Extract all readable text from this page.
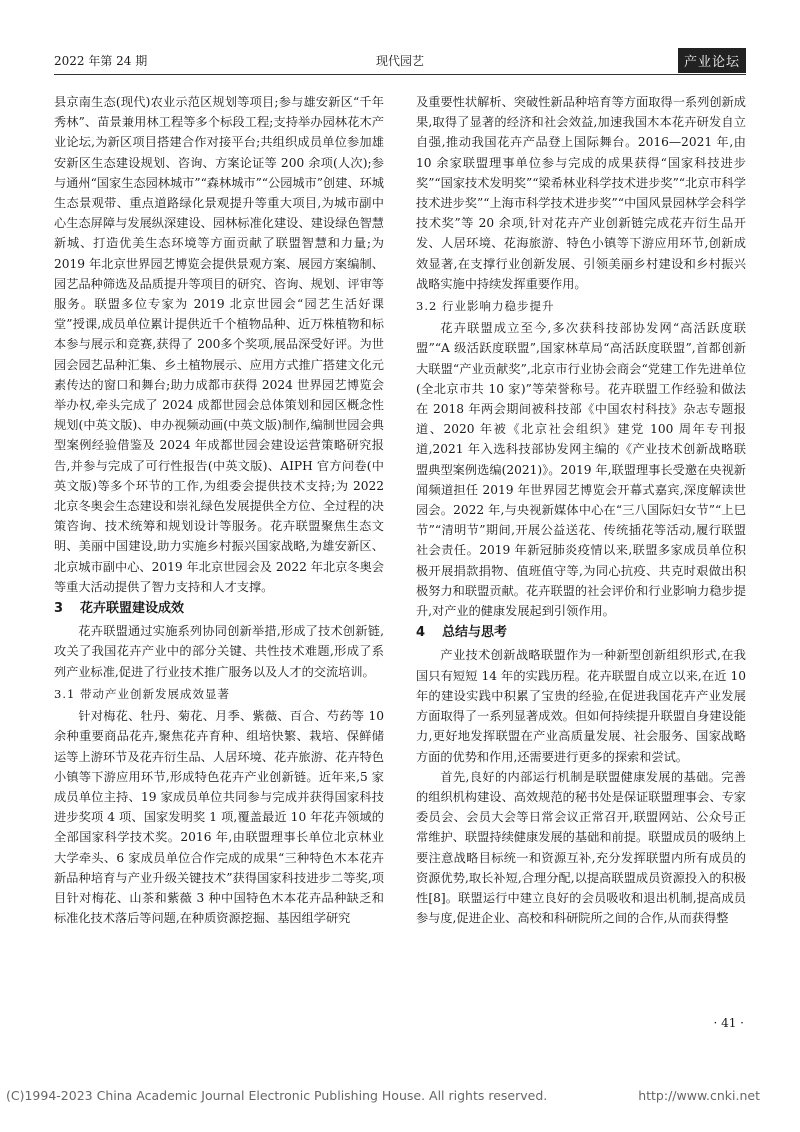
2022 年第 24 期	现代园艺	产业论坛

县京南生态(现代)农业示范区规划等项目;参与雄安新区“千年秀林”、苗景兼用林工程等多个标段工程;支持举办园林花木产业论坛,为新区项目搭建合作对接平台;共组织成员单位参加雄安新区生态建设规划、咨询、方案论证等 200 余项(人次);参与通州“国家生态园林城市”“森林城市”“公园城市”创建、环城生态景观带、重点道路绿化景观提升等重大项目,为城市副中心生态屏障与发展纵深建设、园林标准化建设、建设绿色智慧新城、打造优美生态环境等方面贡献了联盟智慧和力量;为 2019 年北京世界园艺博览会提供景观方案、展园方案编制、园艺品种筛选及品质提升等项目的研究、咨询、规划、评审等服务。联盟多位专家为 2019 北京世园会“园艺生活好课堂”授课,成员单位累计提供近千个植物品种、近万株植物和标本参与展示和竞赛,获得了 200多个奖项,展品深受好评。为世园会园艺品种汇集、乡土植物展示、应用方式推广搭建文化元素传达的窗口和舞台;助力成都市获得 2024 世界园艺博览会举办权,牵头完成了 2024 成都世园会总体策划和园区概念性规划(中英文版)、申办视频动画(中英文版)制作,编制世园会典型案例经验借鉴及 2024 年成都世园会建设运营策略研究报告,并参与完成了可行性报告(中英文版)、AIPH 官方问卷(中英文版)等多个环节的工作,为组委会提供技术支持;为 2022 北京冬奥会生态建设和崇礼绿色发展提供全方位、全过程的决策咨询、技术统筹和规划设计等服务。花卉联盟聚焦生态文明、美丽中国建设,助力实施乡村振兴国家战略,为雄安新区、北京城市副中心、2019 年北京世园会及 2022 年北京冬奥会等重大活动提供了智力支持和人才支撑。

3 花卉联盟建设成效

花卉联盟通过实施系列协同创新举措,形成了技术创新链,攻关了我国花卉产业中的部分关键、共性技术难题,形成了系列产业标准,促进了行业技术推广服务以及人才的交流培训。

3.1 带动产业创新发展成效显著

针对梅花、牡丹、菊花、月季、紫薇、百合、芍药等 10 余种重要商品花卉,聚焦花卉育种、组培快繁、栽培、保鲜储运等上游环节及花卉衍生品、人居环境、花卉旅游、花卉特色小镇等下游应用环节,形成特色花卉产业创新链。近年来,5 家成员单位主持、19 家成员单位共同参与完成并获得国家科技进步奖项 4 项、国家发明奖 1 项,覆盖最近 10 年花卉领域的全部国家科学技术奖。2016 年,由联盟理事长单位北京林业大学牵头、6 家成员单位合作完成的成果“三种特色木本花卉新品种培育与产业升级关键技术”获得国家科技进步二等奖,项目针对梅花、山茶和紫薇 3 种中国特色木本花卉品种缺乏和标准化技术落后等问题,在种质资源挖掘、基因组学研究

及重要性状解析、突破性新品种培育等方面取得一系列创新成果,取得了显著的经济和社会效益,加速我国木本花卉研发自立自强,推动我国花卉产品登上国际舞台。2016—2021 年,由 10 余家联盟理事单位参与完成的成果获得“国家科技进步奖”“国家技术发明奖”“梁希林业科学技术进步奖”“北京市科学技术进步奖”“上海市科学技术进步奖”“中国风景园林学会科学技术奖”等 20 余项,针对花卉产业创新链完成花卉衍生品开发、人居环境、花海旅游、特色小镇等下游应用环节,创新成效显著,在支撑行业创新发展、引领美丽乡村建设和乡村振兴战略实施中持续发挥重要作用。

3.2 行业影响力稳步提升

花卉联盟成立至今,多次获科技部协发网“高活跃度联盟”“A 级活跃度联盟”,国家林草局“高活跃度联盟”,首都创新大联盟“产业贡献奖”,北京市行业协会商会“党建工作先进单位(全北京市共 10 家)”等荣誉称号。花卉联盟工作经验和做法在 2018 年两会期间被科技部《中国农村科技》杂志专题报道、2020 年被《北京社会组织》建党 100 周年专刊报道,2021 年入选科技部协发网主编的《产业技术创新战略联盟典型案例选编(2021)》。2019 年,联盟理事长受邀在央视新闻频道担任 2019 年世界园艺博览会开幕式嘉宾,深度解读世园会。2022 年,与央视新媒体中心在“三八国际妇女节”“上巳节”“清明节”期间,开展公益送花、传统插花等活动,履行联盟社会责任。2019 年新冠肺炎疫情以来,联盟多家成员单位积极开展捐款捐物、值班值守等,为同心抗疫、共克时艰做出积极努力和联盟贡献。花卉联盟的社会评价和行业影响力稳步提升,对产业的健康发展起到引领作用。

4 总结与思考

产业技术创新战略联盟作为一种新型创新组织形式,在我国只有短短 14 年的实践历程。花卉联盟自成立以来,在近 10 年的建设实践中积累了宝贵的经验,在促进我国花卉产业发展方面取得了一系列显著成效。但如何持续提升联盟自身建设能力,更好地发挥联盟在产业高质量发展、社会服务、国家战略方面的优势和作用,还需要进行更多的探索和尝试。

首先,良好的内部运行机制是联盟健康发展的基础。完善的组织机构建设、高效规范的秘书处是保证联盟理事会、专家委员会、会员大会等日常会议正常召开,联盟网站、公众号正常维护、联盟持续健康发展的基础和前提。联盟成员的吸纳上要注意战略目标统一和资源互补,充分发挥联盟内所有成员的资源优势,取长补短,合理分配,以提高联盟成员资源投入的积极性[8]。联盟运行中建立良好的会员吸收和退出机制,提高成员参与度,促进企业、高校和科研院所之间的合作,从而获得整

· 41 ·
(C)1994-2023 China Academic Journal Electronic Publishing House. All rights reserved.	http://www.cnki.net
